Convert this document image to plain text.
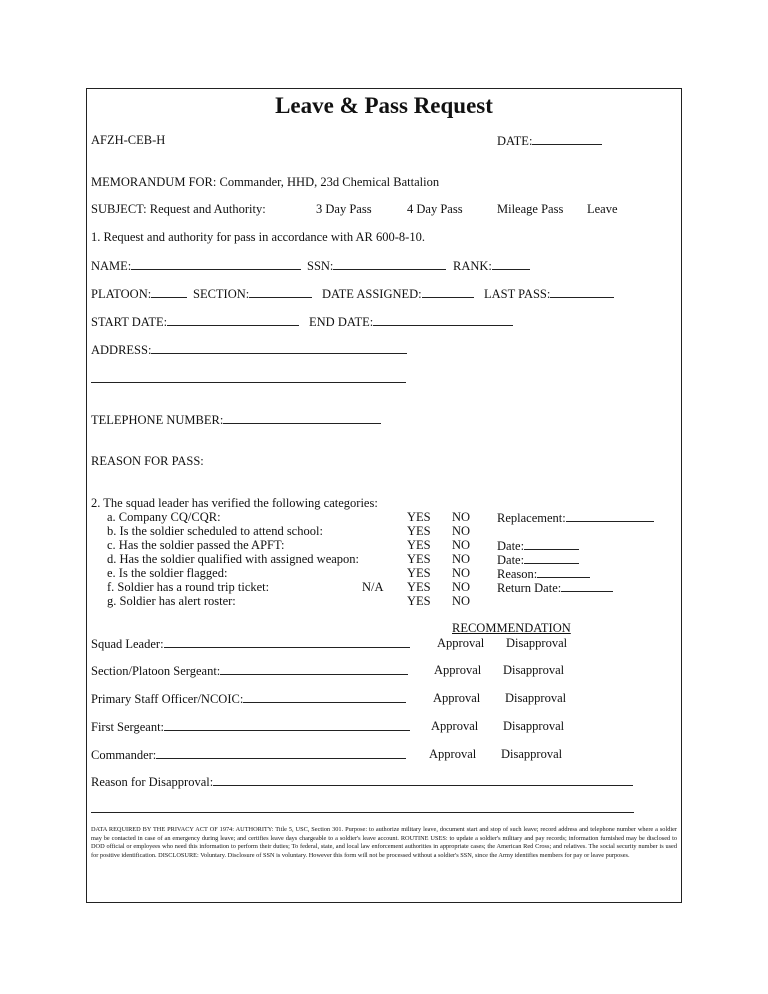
Leave & Pass Request
AFZH-CEB-H	DATE:
MEMORANDUM FOR: Commander, HHD, 23d Chemical Battalion
SUBJECT: Request and Authority:	3 Day Pass	4 Day Pass	Mileage Pass Leave
1. Request and authority for pass in accordance with AR 600-8-10.
NAME:	SSN:	RANK:
PLATOON:	SECTION:	DATE ASSIGNED:	LAST PASS:
START DATE:	END DATE:
ADDRESS:
TELEPHONE NUMBER:
REASON FOR PASS:
2. The squad leader has verified the following categories:
a. Company CQ/CQR:	YES NO Replacement:
b. Is the soldier scheduled to attend school:	YES NO
c. Has the soldier passed the APFT:	YES NO Date:
d. Has the soldier qualified with assigned weapon:	YES NO Date:
e. Is the soldier flagged:	YES NO Reason:
f. Soldier has a round trip ticket:	N/A YES NO Return Date:
g. Soldier has alert roster:	YES NO
RECOMMENDATION
Squad Leader:	Approval Disapproval
Section/Platoon Sergeant:	Approval Disapproval
Primary Staff Officer/NCOIC:	Approval Disapproval
First Sergeant:	Approval Disapproval
Commander:	Approval Disapproval
Reason for Disapproval:
DATA REQUIRED BY THE PRIVACY ACT OF 1974: AUTHORITY: Title 5, USC, Section 301. Purpose: to authorize military leave, document start and stop of such leave; record address and telephone number where a soldier may be contacted in case of an emergency during leave; and certifies leave days chargeable to a soldier's leave account. ROUTINE USES: to update a soldier's military and pay records; information furnished may be disclosed to DOD official or employees who need this information to perform their duties; To federal, state, and local law enforcement authorities in appropriate cases; the American Red Cross; and relatives. The social security number is used for positive identification. DISCLOSURE: Voluntary. Disclosure of SSN is voluntary. However this form will not be processed without a soldier's SSN, since the Army identifies members for pay or leave purposes.
